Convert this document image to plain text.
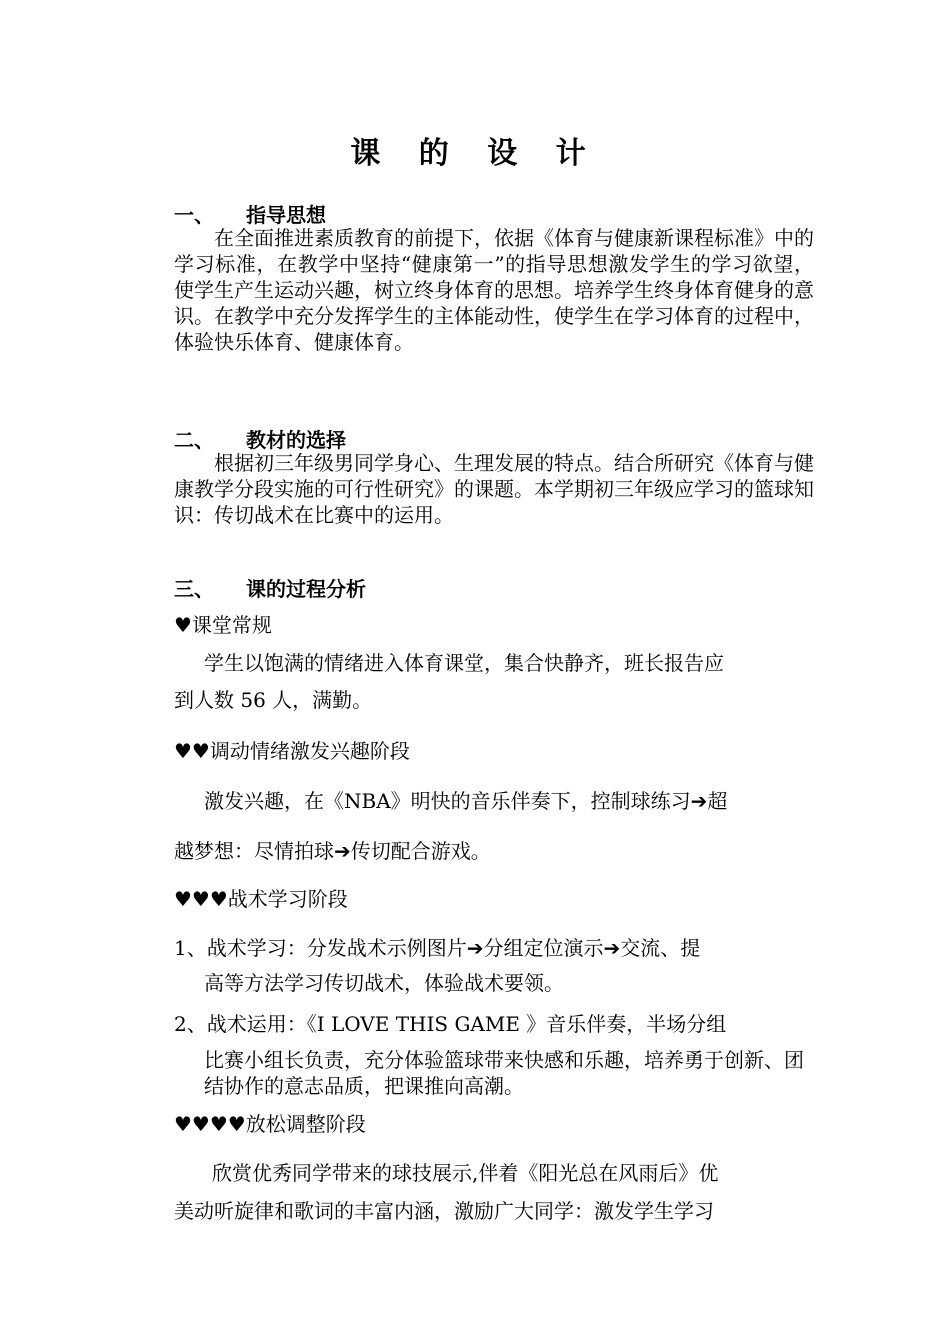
课 的 设 计
一、 指导思想
在全面推进素质教育的前提下，依据《体育与健康新课程标准》中的学习标准，在教学中坚持“健康第一”的指导思想激发学生的学习欲望，使学生产生运动兴趣，树立终身体育的思想。培养学生终身体育健身的意识。在教学中充分发挥学生的主体能动性，使学生在学习体育的过程中，体验快乐体育、健康体育。
二、 教材的选择
根据初三年级男同学身心、生理发展的特点。结合所研究《体育与健康教学分段实施的可行性研究》的课题。本学期初三年级应学习的篮球知识：传切战术在比赛中的运用。
三、 课的过程分析
♥课堂常规
学生以饱满的情绪进入体育课堂，集合快静齐，班长报告应
到人数 56 人，满勤。
♥♥调动情绪激发兴趣阶段
激发兴趣，在《NBA》明快的音乐伴奏下，控制球练习➔超
越梦想：尽情拍球➔传切配合游戏。
♥♥♥战术学习阶段
1、战术学习：分发战术示例图片➔分组定位演示➔交流、提
高等方法学习传切战术，体验战术要领。
2、战术运用：《I LOVE THIS GAME 》音乐伴奏，半场分组
比赛小组长负责，充分体验篮球带来快感和乐趣，培养勇于创新、团结协作的意志品质，把课推向高潮。
♥♥♥♥放松调整阶段
欣赏优秀同学带来的球技展示,伴着《阳光总在风雨后》优
美动听旋律和歌词的丰富内涵，激励广大同学：激发学生学习
